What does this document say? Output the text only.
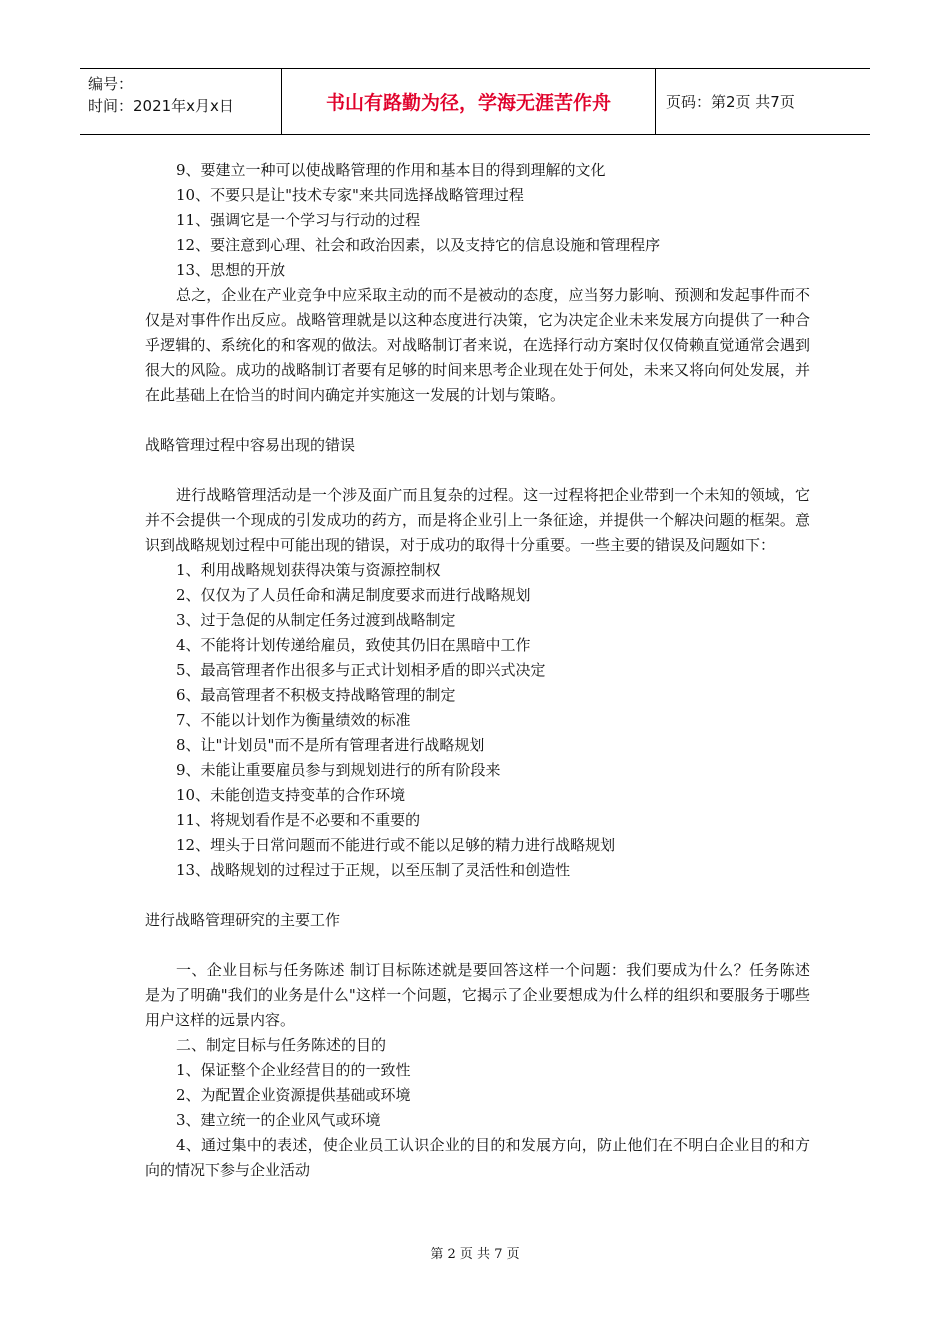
编号：
时间：2021年x月x日	书山有路勤为径，学海无涯苦作舟	页码：第2页 共7页

9、要建立一种可以使战略管理的作用和基本目的得到理解的文化

10、不要只是让"技术专家"来共同选择战略管理过程

11、强调它是一个学习与行动的过程

12、要注意到心理、社会和政治因素，以及支持它的信息设施和管理程序

13、思想的开放

总之，企业在产业竞争中应采取主动的而不是被动的态度，应当努力影响、预测和发起事件而不仅是对事件作出反应。战略管理就是以这种态度进行决策，它为决定企业未来发展方向提供了一种合乎逻辑的、系统化的和客观的做法。对战略制订者来说，在选择行动方案时仅仅倚赖直觉通常会遇到很大的风险。成功的战略制订者要有足够的时间来思考企业现在处于何处，未来又将向何处发展，并在此基础上在恰当的时间内确定并实施这一发展的计划与策略。

战略管理过程中容易出现的错误

进行战略管理活动是一个涉及面广而且复杂的过程。这一过程将把企业带到一个未知的领域，它并不会提供一个现成的引发成功的药方，而是将企业引上一条征途，并提供一个解决问题的框架。意识到战略规划过程中可能出现的错误，对于成功的取得十分重要。一些主要的错误及问题如下：

1、利用战略规划获得决策与资源控制权

2、仅仅为了人员任命和满足制度要求而进行战略规划

3、过于急促的从制定任务过渡到战略制定

4、不能将计划传递给雇员，致使其仍旧在黑暗中工作

5、最高管理者作出很多与正式计划相矛盾的即兴式决定

6、最高管理者不积极支持战略管理的制定

7、不能以计划作为衡量绩效的标准

8、让"计划员"而不是所有管理者进行战略规划

9、未能让重要雇员参与到规划进行的所有阶段来

10、未能创造支持变革的合作环境

11、将规划看作是不必要和不重要的

12、埋头于日常问题而不能进行或不能以足够的精力进行战略规划

13、战略规划的过程过于正规，以至压制了灵活性和创造性

进行战略管理研究的主要工作

一、企业目标与任务陈述 制订目标陈述就是要回答这样一个问题：我们要成为什么？任务陈述是为了明确"我们的业务是什么"这样一个问题，它揭示了企业要想成为什么样的组织和要服务于哪些用户这样的远景内容。

二、制定目标与任务陈述的目的

1、保证整个企业经营目的的一致性

2、为配置企业资源提供基础或环境

3、建立统一的企业风气或环境

4、通过集中的表述，使企业员工认识企业的目的和发展方向，防止他们在不明白企业目的和方向的情况下参与企业活动

第 2 页 共 7 页
